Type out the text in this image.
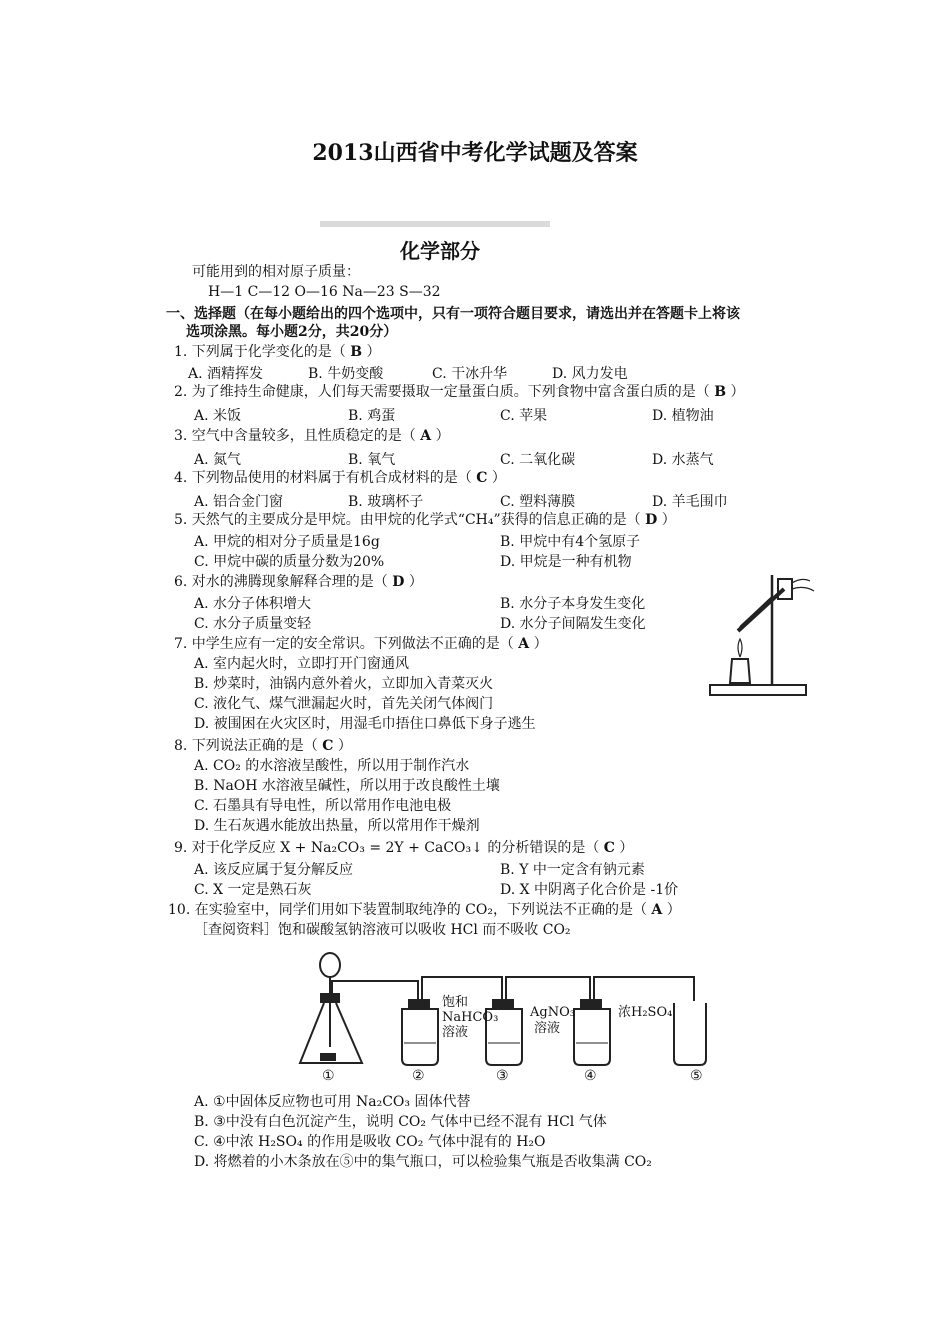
2013山西省中考化学试题及答案
化学部分
可能用到的相对原子质量：
H—1 C—12 O—16 Na—23 S—32
一、选择题（在每小题给出的四个选项中，只有一项符合题目要求，请选出并在答题卡上将该
选项涂黑。每小题2分，共20分）
1. 下列属于化学变化的是（ B ）
A. 酒精挥发	B. 牛奶变酸	C. 干冰升华	D. 风力发电
2. 为了维持生命健康，人们每天需要摄取一定量蛋白质。下列食物中富含蛋白质的是（ B ）
A. 米饭	B. 鸡蛋	C. 苹果	D. 植物油
3. 空气中含量较多，且性质稳定的是（ A ）
A. 氮气	B. 氧气	C. 二氧化碳	D. 水蒸气
4. 下列物品使用的材料属于有机合成材料的是（ C ）
A. 铝合金门窗	B. 玻璃杯子	C. 塑料薄膜	D. 羊毛围巾
5. 天然气的主要成分是甲烷。由甲烷的化学式“CH₄”获得的信息正确的是（ D ）
A. 甲烷的相对分子质量是16g	B. 甲烷中有4个氢原子
C. 甲烷中碳的质量分数为20%	D. 甲烷是一种有机物
6. 对水的沸腾现象解释合理的是（ D ）
A. 水分子体积增大	B. 水分子本身发生变化
C. 水分子质量变轻	D. 水分子间隔发生变化
7. 中学生应有一定的安全常识。下列做法不正确的是（ A ）
A. 室内起火时，立即打开门窗通风
B. 炒菜时，油锅内意外着火，立即加入青菜灭火
C. 液化气、煤气泄漏起火时，首先关闭气体阀门
D. 被围困在火灾区时，用湿毛巾捂住口鼻低下身子逃生
8. 下列说法正确的是（ C ）
A. CO₂ 的水溶液呈酸性，所以用于制作汽水
B. NaOH 水溶液呈碱性，所以用于改良酸性土壤
C. 石墨具有导电性，所以常用作电池电极
D. 生石灰遇水能放出热量，所以常用作干燥剂
9. 对于化学反应 X + Na₂CO₃ = 2Y + CaCO₃↓ 的分析错误的是（ C ）
A. 该反应属于复分解反应	B. Y 中一定含有钠元素
C. X 一定是熟石灰	D. X 中阴离子化合价是 -1价
10. 在实验室中，同学们用如下装置制取纯净的 CO₂，下列说法不正确的是（ A ）
［查阅资料］饱和碳酸氢钠溶液可以吸收 HCl 而不吸收 CO₂
饱和
NaHCO₃
溶液
AgNO₃
溶液
浓H₂SO₄
①	②	③	④	⑤
A. ①中固体反应物也可用 Na₂CO₃ 固体代替
B. ③中没有白色沉淀产生，说明 CO₂ 气体中已经不混有 HCl 气体
C. ④中浓 H₂SO₄ 的作用是吸收 CO₂ 气体中混有的 H₂O
D. 将燃着的小木条放在⑤中的集气瓶口，可以检验集气瓶是否收集满 CO₂
